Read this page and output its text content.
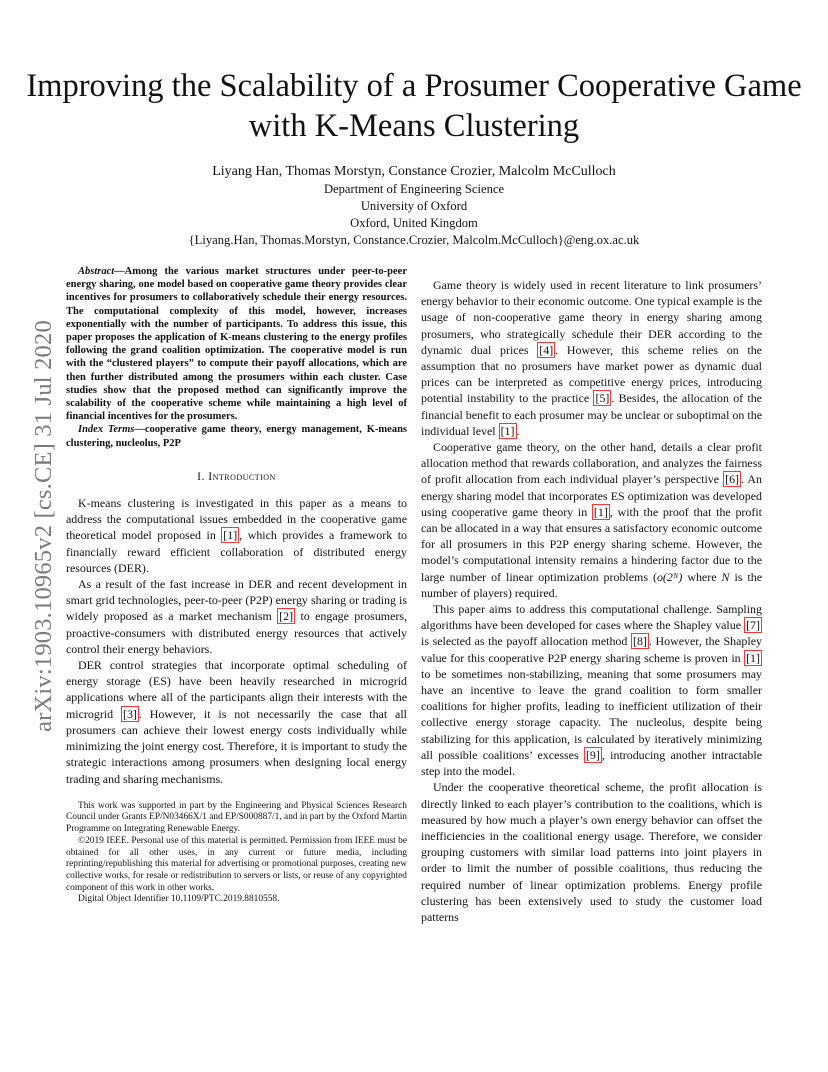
Improving the Scalability of a Prosumer Cooperative Game with K-Means Clustering
Liyang Han, Thomas Morstyn, Constance Crozier, Malcolm McCulloch
Department of Engineering Science
University of Oxford
Oxford, United Kingdom
{Liyang.Han, Thomas.Morstyn, Constance.Crozier, Malcolm.McCulloch}@eng.ox.ac.uk
arXiv:1903.10965v2 [cs.CE] 31 Jul 2020

Abstract—Among the various market structures under peer-to-peer energy sharing, one model based on cooperative game theory provides clear incentives for prosumers to collaboratively schedule their energy resources. The computational complexity of this model, however, increases exponentially with the number of participants. To address this issue, this paper proposes the application of K-means clustering to the energy profiles following the grand coalition optimization. The cooperative model is run with the “clustered players” to compute their payoff allocations, which are then further distributed among the prosumers within each cluster. Case studies show that the proposed method can significantly improve the scalability of the cooperative scheme while maintaining a high level of financial incentives for the prosumers.

Index Terms—cooperative game theory, energy management, K-means clustering, nucleolus, P2P

I. Introduction

K-means clustering is investigated in this paper as a means to address the computational issues embedded in the cooperative game theoretical model proposed in [1] , which provides a framework to financially reward efficient collaboration of distributed energy resources (DER).

As a result of the fast increase in DER and recent development in smart grid technologies, peer-to-peer (P2P) energy sharing or trading is widely proposed as a market mechanism [2] to engage prosumers, proactive-consumers with distributed energy resources that actively control their energy behaviors.

DER control strategies that incorporate optimal scheduling of energy storage (ES) have been heavily researched in microgrid applications where all of the participants align their interests with the microgrid [3] . However, it is not necessarily the case that all prosumers can achieve their lowest energy costs individually while minimizing the joint energy cost. Therefore, it is important to study the strategic interactions among prosumers when designing local energy trading and sharing mechanisms.

This work was supported in part by the Engineering and Physical Sciences Research Council under Grants EP/N03466X/1 and EP/S000887/1, and in part by the Oxford Martin Programme on Integrating Renewable Energy.

©2019 IEEE. Personal use of this material is permitted. Permission from IEEE must be obtained for all other uses, in any current or future media, including reprinting/republishing this material for advertising or promotional purposes, creating new collective works, for resale or redistribution to servers or lists, or reuse of any copyrighted component of this work in other works.

Digital Object Identifier 10.1109/PTC.2019.8810558.

Game theory is widely used in recent literature to link prosumers’ energy behavior to their economic outcome. One typical example is the usage of non-cooperative game theory in energy sharing among prosumers, who strategically schedule their DER according to the dynamic dual prices [4] . However, this scheme relies on the assumption that no prosumers have market power as dynamic dual prices can be interpreted as competitive energy prices, introducing potential instability to the practice [5] . Besides, the allocation of the financial benefit to each prosumer may be unclear or suboptimal on the individual level [1] .

Cooperative game theory, on the other hand, details a clear profit allocation method that rewards collaboration, and analyzes the fairness of profit allocation from each individual player’s perspective [6] . An energy sharing model that incorporates ES optimization was developed using cooperative game theory in [1] , with the proof that the profit can be allocated in a way that ensures a satisfactory economic outcome for all prosumers in this P2P energy sharing scheme. However, the model’s computational intensity remains a hindering factor due to the large number of linear optimization problems (o(2ᴺ) where N is the number of players) required.

This paper aims to address this computational challenge. Sampling algorithms have been developed for cases where the Shapley value [7] is selected as the payoff allocation method [8] . However, the Shapley value for this cooperative P2P energy sharing scheme is proven in [1] to be sometimes non-stabilizing, meaning that some prosumers may have an incentive to leave the grand coalition to form smaller coalitions for higher profits, leading to inefficient utilization of their collective energy storage capacity. The nucleolus, despite being stabilizing for this application, is calculated by iteratively minimizing all possible coalitions’ excesses [9] , introducing another intractable step into the model.

Under the cooperative theoretical scheme, the profit allocation is directly linked to each player’s contribution to the coalitions, which is measured by how much a player’s own energy behavior can offset the inefficiencies in the coalitional energy usage. Therefore, we consider grouping customers with similar load patterns into joint players in order to limit the number of possible coalitions, thus reducing the required number of linear optimization problems. Energy profile clustering has been extensively used to study the customer load patterns
